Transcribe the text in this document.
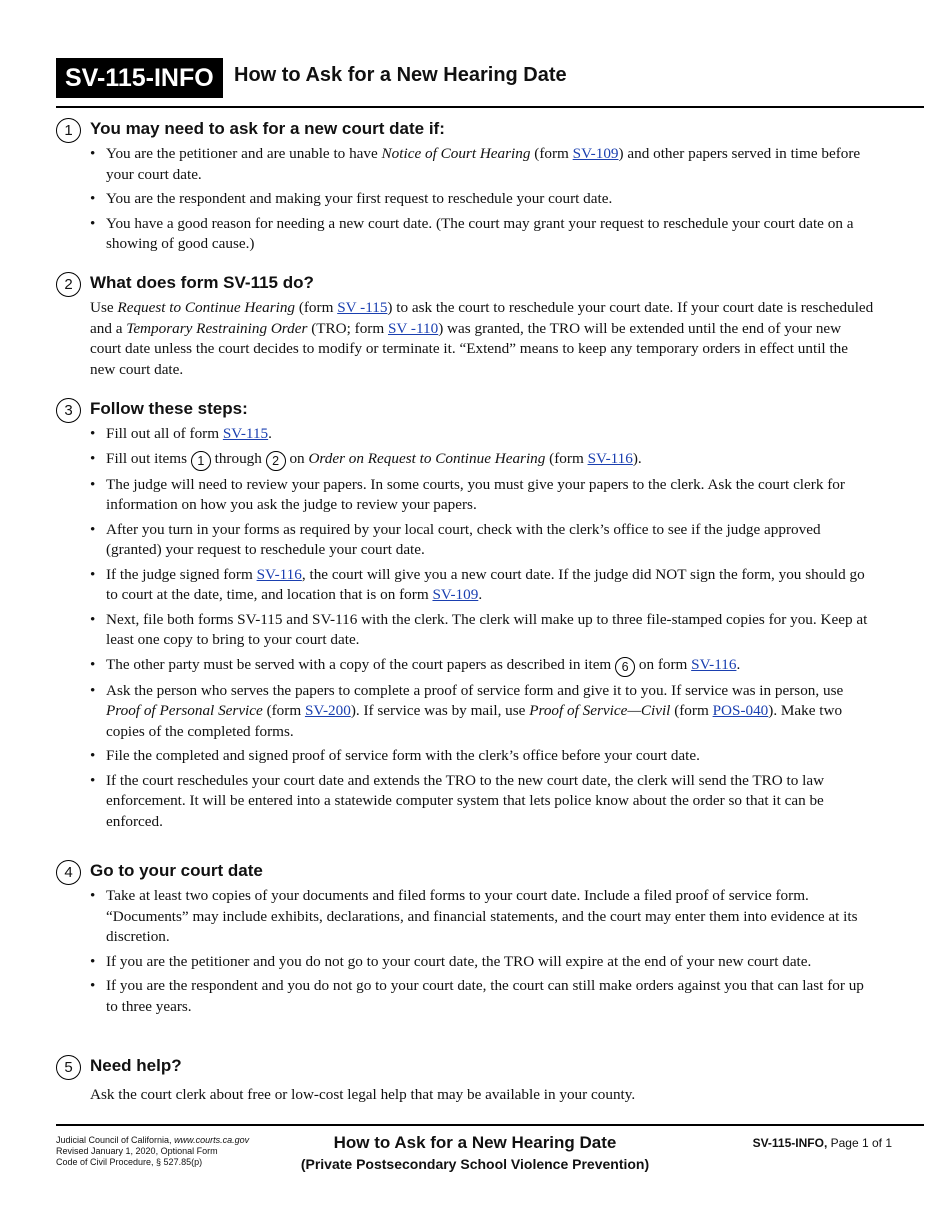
SV-115-INFO	How to Ask for a New Hearing Date
1	You may need to ask for a new court date if:
• You are the petitioner and are unable to have Notice of Court Hearing (form SV-109) and other papers served in time before your court date.
• You are the respondent and making your first request to reschedule your court date.
• You have a good reason for needing a new court date. (The court may grant your request to reschedule your court date on a showing of good cause.)
2	What does form SV-115 do?

Use Request to Continue Hearing (form SV -115) to ask the court to reschedule your court date. If your court date is rescheduled and a Temporary Restraining Order (TRO; form SV -110) was granted, the TRO will be extended until the end of your new court date unless the court decides to modify or terminate it. “Extend” means to keep any temporary orders in effect until the new court date.

3	Follow these steps:
• Fill out all of form SV-115.
• Fill out items 1 through 2 on Order on Request to Continue Hearing (form SV-116).
• The judge will need to review your papers. In some courts, you must give your papers to the clerk. Ask the court clerk for information on how you ask the judge to review your papers.
• After you turn in your forms as required by your local court, check with the clerk’s office to see if the judge approved (granted) your request to reschedule your court date.
• If the judge signed form SV-116, the court will give you a new court date. If the judge did NOT sign the form, you should go to court at the date, time, and location that is on form SV-109.
• Next, file both forms SV-115 and SV-116 with the clerk. The clerk will make up to three file-stamped copies for you. Keep at least one copy to bring to your court date.
• The other party must be served with a copy of the court papers as described in item 6 on form SV-116.
• Ask the person who serves the papers to complete a proof of service form and give it to you. If service was in person, use Proof of Personal Service (form SV-200). If service was by mail, use Proof of Service—Civil (form POS-040). Make two copies of the completed forms.
• File the completed and signed proof of service form with the clerk’s office before your court date.
• If the court reschedules your court date and extends the TRO to the new court date, the clerk will send the TRO to law enforcement. It will be entered into a statewide computer system that lets police know about the order so that it can be enforced.
4	Go to your court date
• Take at least two copies of your documents and filed forms to your court date. Include a filed proof of service form. “Documents” may include exhibits, declarations, and financial statements, and the court may enter them into evidence at its discretion.
• If you are the petitioner and you do not go to your court date, the TRO will expire at the end of your new court date.
• If you are the respondent and you do not go to your court date, the court can still make orders against you that can last for up to three years.
5	Need help?

Ask the court clerk about free or low-cost legal help that may be available in your county.

Judicial Council of California, www.courts.ca.gov
Revised January 1, 2020, Optional Form
Code of Civil Procedure, § 527.85(p)
How to Ask for a New Hearing Date
(Private Postsecondary School Violence Prevention)
SV-115-INFO, Page 1 of 1
